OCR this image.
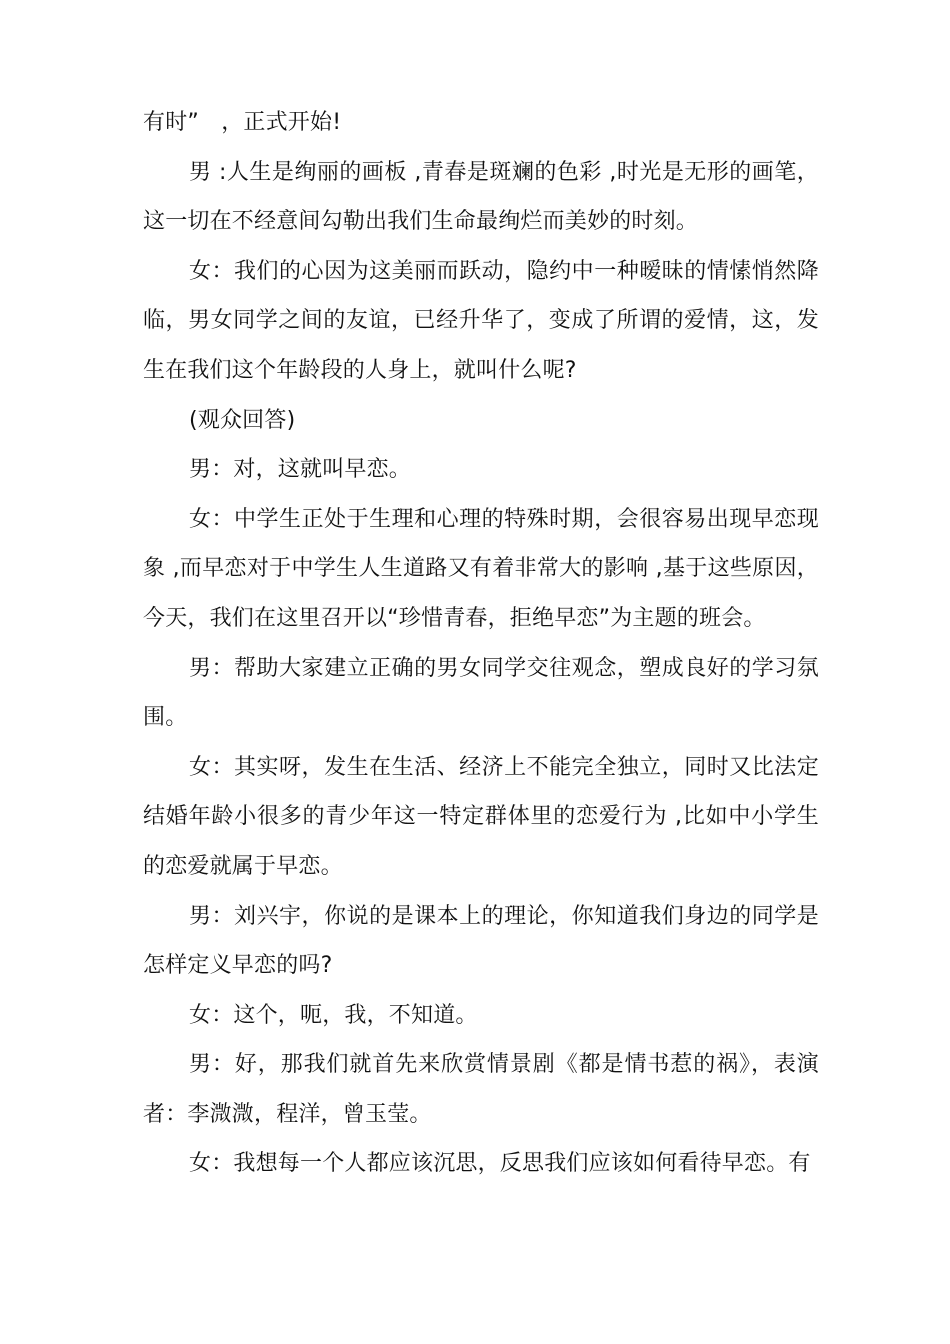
有时”　，正式开始!

男 :人生是绚丽的画板 ,青春是斑斓的色彩 ,时光是无形的画笔，这一切在不经意间勾勒出我们生命最绚烂而美妙的时刻。

女：我们的心因为这美丽而跃动，隐约中一种暧昧的情愫悄然降临，男女同学之间的友谊，已经升华了，变成了所谓的爱情，这，发生在我们这个年龄段的人身上，就叫什么呢?

(观众回答)

男：对，这就叫早恋。

女：中学生正处于生理和心理的特殊时期，会很容易出现早恋现象 ,而早恋对于中学生人生道路又有着非常大的影响 ,基于这些原因，今天，我们在这里召开以“珍惜青春，拒绝早恋”为主题的班会。

男：帮助大家建立正确的男女同学交往观念，塑成良好的学习氛围。

女：其实呀，发生在生活、经济上不能完全独立，同时又比法定结婚年龄小很多的青少年这一特定群体里的恋爱行为 ,比如中小学生的恋爱就属于早恋。

男：刘兴宇，你说的是课本上的理论，你知道我们身边的同学是怎样定义早恋的吗?

女：这个，呃，我，不知道。

男：好，那我们就首先来欣赏情景剧《都是情书惹的祸》，表演者：李溦溦，程洋，曾玉莹。

女：我想每一个人都应该沉思，反思我们应该如何看待早恋。有
